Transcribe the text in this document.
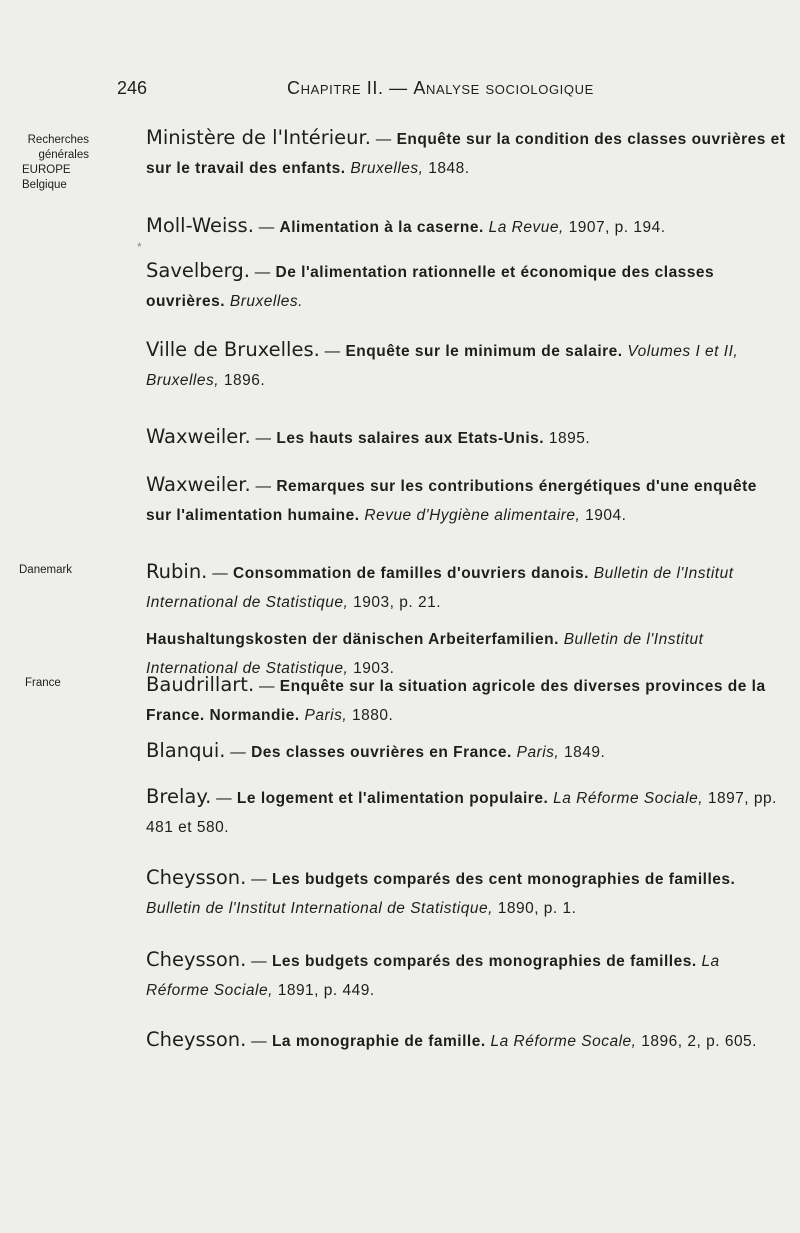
246	Chapitre II. — Analyse sociologique
Recherches
générales
EUROPE
Belgique
Danemark
France
*
Ministère de l'Intérieur. — Enquête sur la condition des classes ouvrières et sur le travail des enfants. Bruxelles, 1848.
Moll-Weiss. — Alimentation à la caserne. La Revue, 1907, p. 194.
Savelberg. — De l'alimentation rationnelle et économique des classes ouvrières. Bruxelles.
Ville de Bruxelles. — Enquête sur le minimum de salaire. Volumes I et II, Bruxelles, 1896.
Waxweiler. — Les hauts salaires aux Etats-Unis. 1895.
Waxweiler. — Remarques sur les contributions énergétiques d'une enquête sur l'alimentation humaine. Revue d'Hygiène alimentaire, 1904.
Rubin. — Consommation de familles d'ouvriers danois. Bulletin de l'Institut International de Statistique, 1903, p. 21.
Haushaltungskosten der dänischen Arbeiterfamilien. Bulletin de l'Institut International de Statistique, 1903.
Baudrillart. — Enquête sur la situation agricole des diverses provinces de la France. Normandie. Paris, 1880.
Blanqui. — Des classes ouvrières en France. Paris, 1849.
Brelay. — Le logement et l'alimentation populaire. La Réforme Sociale, 1897, pp. 481 et 580.
Cheysson. — Les budgets comparés des cent monographies de familles. Bulletin de l'Institut International de Statistique, 1890, p. 1.
Cheysson. — Les budgets comparés des monographies de familles. La Réforme Sociale, 1891, p. 449.
Cheysson. — La monographie de famille. La Réforme Socale, 1896, 2, p. 605.
